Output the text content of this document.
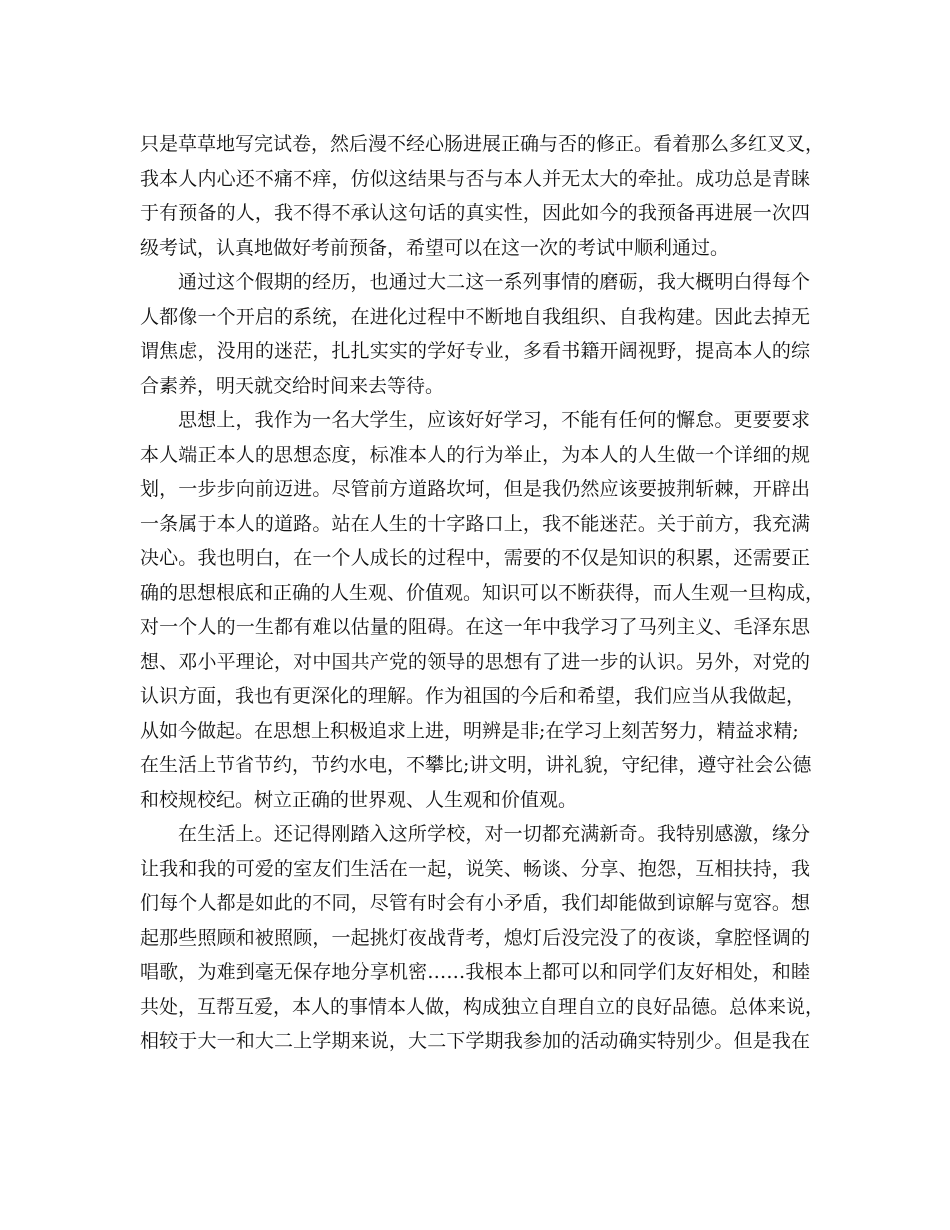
只是草草地写完试卷，然后漫不经心肠进展正确与否的修正。看着那么多红叉叉，
我本人内心还不痛不痒，仿似这结果与否与本人并无太大的牵扯。成功总是青睐
于有预备的人，我不得不承认这句话的真实性，因此如今的我预备再进展一次四
级考试，认真地做好考前预备，希望可以在这一次的考试中顺利通过。
通过这个假期的经历，也通过大二这一系列事情的磨砺，我大概明白得每个
人都像一个开启的系统，在进化过程中不断地自我组织、自我构建。因此去掉无
谓焦虑，没用的迷茫，扎扎实实的学好专业，多看书籍开阔视野，提高本人的综
合素养，明天就交给时间来去等待。
思想上，我作为一名大学生，应该好好学习，不能有任何的懈怠。更要要求
本人端正本人的思想态度，标准本人的行为举止，为本人的人生做一个详细的规
划，一步步向前迈进。尽管前方道路坎坷，但是我仍然应该要披荆斩棘，开辟出
一条属于本人的道路。站在人生的十字路口上，我不能迷茫。关于前方，我充满
决心。我也明白，在一个人成长的过程中，需要的不仅是知识的积累，还需要正
确的思想根底和正确的人生观、价值观。知识可以不断获得，而人生观一旦构成，
对一个人的一生都有难以估量的阻碍。在这一年中我学习了马列主义、毛泽东思
想、邓小平理论，对中国共产党的领导的思想有了进一步的认识。另外，对党的
认识方面，我也有更深化的理解。作为祖国的今后和希望，我们应当从我做起，
从如今做起。在思想上积极追求上进，明辨是非;在学习上刻苦努力，精益求精;
在生活上节省节约，节约水电，不攀比;讲文明，讲礼貌，守纪律，遵守社会公德
和校规校纪。树立正确的世界观、人生观和价值观。
在生活上。还记得刚踏入这所学校，对一切都充满新奇。我特别感激，缘分
让我和我的可爱的室友们生活在一起，说笑、畅谈、分享、抱怨，互相扶持，我
们每个人都是如此的不同，尽管有时会有小矛盾，我们却能做到谅解与宽容。想
起那些照顾和被照顾，一起挑灯夜战背考，熄灯后没完没了的夜谈，拿腔怪调的
唱歌，为难到毫无保存地分享机密……我根本上都可以和同学们友好相处，和睦
共处，互帮互爱，本人的事情本人做，构成独立自理自立的良好品德。总体来说，
相较于大一和大二上学期来说，大二下学期我参加的活动确实特别少。但是我在
